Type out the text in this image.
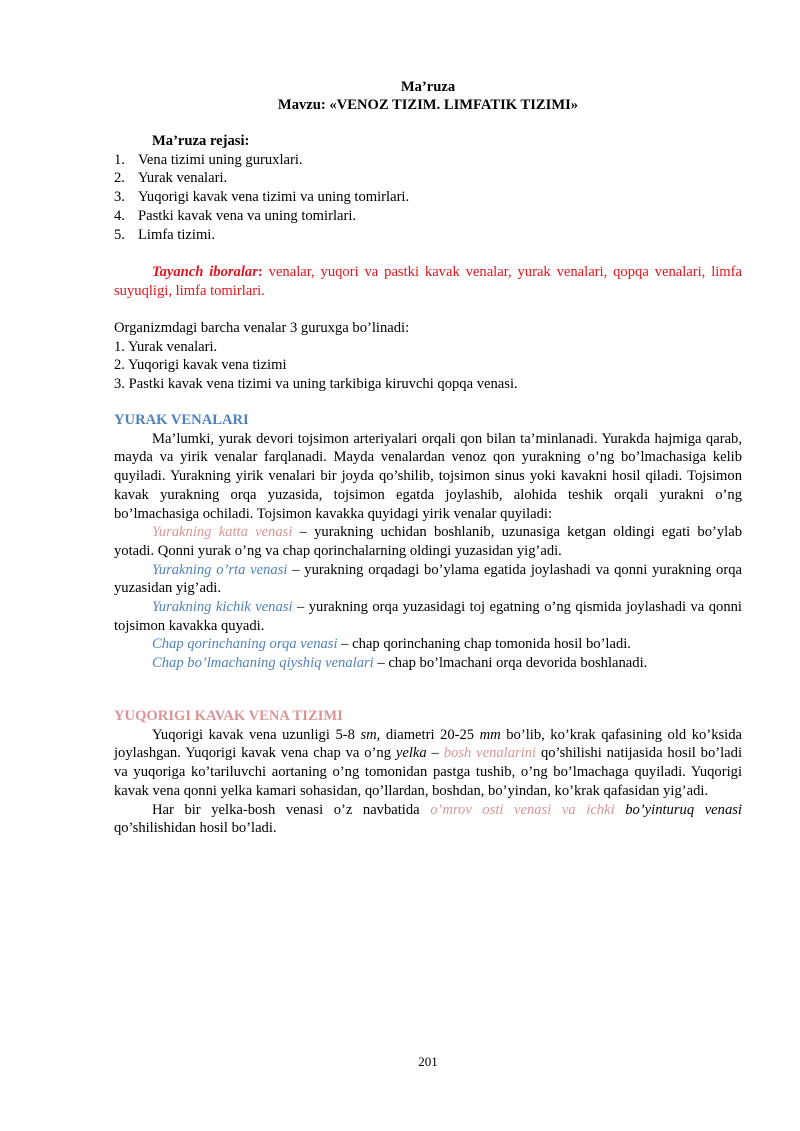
Ma’ruza
Mavzu: «VENOZ TIZIM. LIMFATIK TIZIMI»
Ma’ruza rejasi:
1. Vena tizimi uning guruxlari.
2. Yurak venalari.
3. Yuqorigi kavak vena tizimi va uning tomirlari.
4. Pastki kavak vena va uning tomirlari.
5. Limfa tizimi.

Tayanch iboralar: venalar, yuqori va pastki kavak venalar, yurak venalari, qopqa venalari, limfa suyuqligi, limfa tomirlari.

Organizmdagi barcha venalar 3 guruxga bo’linadi:

1. Yurak venalari.

2. Yuqorigi kavak vena tizimi

3. Pastki kavak vena tizimi va uning tarkibiga kiruvchi qopqa venasi.

YURAK VENALARI

Ma’lumki, yurak devori tojsimon arteriyalari orqali qon bilan ta’minlanadi. Yurakda hajmiga qarab, mayda va yirik venalar farqlanadi. Mayda venalardan venoz qon yurakning o’ng bo’lmachasiga kelib quyiladi. Yurakning yirik venalari bir joyda qo’shilib, tojsimon sinus yoki kavakni hosil qiladi. Tojsimon kavak yurakning orqa yuzasida, tojsimon egatda joylashib, alohida teshik orqali yurakni o’ng bo’lmachasiga ochiladi. Tojsimon kavakka quyidagi yirik venalar quyiladi:

Yurakning katta venasi – yurakning uchidan boshlanib, uzunasiga ketgan oldingi egati bo’ylab yotadi. Qonni yurak o’ng va chap qorinchalarning oldingi yuzasidan yig’adi.

Yurakning o’rta venasi – yurakning orqadagi bo’ylama egatida joylashadi va qonni yurakning orqa yuzasidan yig’adi.

Yurakning kichik venasi – yurakning orqa yuzasidagi toj egatning o’ng qismida joylashadi va qonni tojsimon kavakka quyadi.

Chap qorinchaning orqa venasi – chap qorinchaning chap tomonida hosil bo’ladi.

Chap bo’lmachaning qiyshiq venalari – chap bo’lmachani orqa devorida boshlanadi.

YUQORIGI KAVAK VENA TIZIMI

Yuqorigi kavak vena uzunligi 5-8 sm, diametri 20-25 mm bo’lib, ko’krak qafasining old ko’ksida joylashgan. Yuqorigi kavak vena chap va o’ng yelka – bosh venalarini qo’shilishi natijasida hosil bo’ladi va yuqoriga ko’tariluvchi aortaning o’ng tomonidan pastga tushib, o’ng bo’lmachaga quyiladi. Yuqorigi kavak vena qonni yelka kamari sohasidan, qo’llardan, boshdan, bo’yindan, ko’krak qafasidan yig’adi.

Har bir yelka-bosh venasi o’z navbatida o’mrov osti venasi va ichki bo’yinturuq venasi qo’shilishidan hosil bo’ladi.

201
